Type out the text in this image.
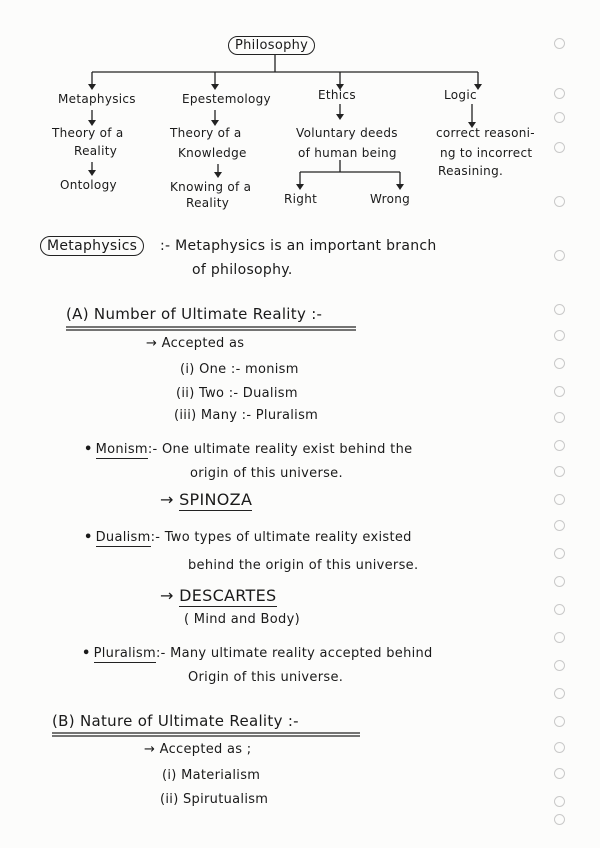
Philosophy
Metaphysics	Epestemology	Ethics	Logic
Theory of a
Reality
Ontology
Theory of a
Knowledge
Knowing of a
Reality
Voluntary deeds
of human being
Right	Wrong
correct reasoni-
ng to incorrect
Reasining.
Metaphysics	:- Metaphysics is an important branch
of philosophy.
(A) Number of Ultimate Reality :-
→ Accepted as
(i) One :- monism
(ii) Two :- Dualism
(iii) Many :- Pluralism
• Monism:- One ultimate reality exist behind the
origin of this universe.
→ SPINOZA
• Dualism:- Two types of ultimate reality existed
behind the origin of this universe.
→ DESCARTES
( Mind and Body)
• Pluralism:- Many ultimate reality accepted behind
Origin of this universe.
(B) Nature of Ultimate Reality :-
→ Accepted as ;
(i) Materialism
(ii) Spirutualism
